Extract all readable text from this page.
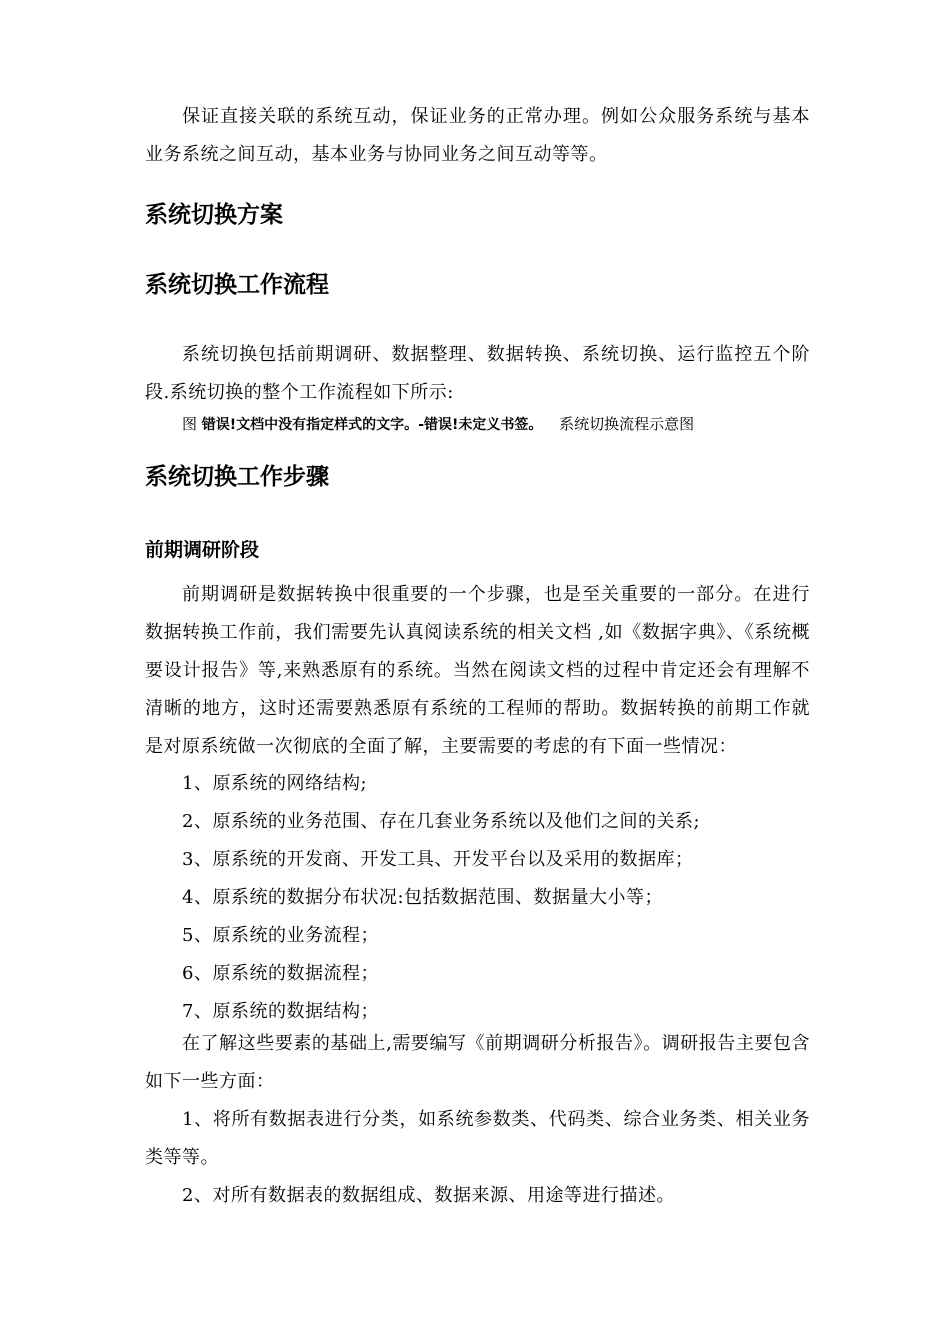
保证直接关联的系统互动，保证业务的正常办理。例如公众服务系统与基本业务系统之间互动，基本业务与协同业务之间互动等等。

系统切换方案
系统切换工作流程

系统切换包括前期调研、数据整理、数据转换、系统切换、运行监控五个阶段.系统切换的整个工作流程如下所示:

图 错误!文档中没有指定样式的文字。-错误!未定义书签。 系统切换流程示意图

系统切换工作步骤
前期调研阶段

前期调研是数据转换中很重要的一个步骤，也是至关重要的一部分。在进行数据转换工作前，我们需要先认真阅读系统的相关文档 ,如《数据字典》、《系统概要设计报告》等,来熟悉原有的系统。当然在阅读文档的过程中肯定还会有理解不清晰的地方，这时还需要熟悉原有系统的工程师的帮助。数据转换的前期工作就是对原系统做一次彻底的全面了解，主要需要的考虑的有下面一些情况：

1、原系统的网络结构;

2、原系统的业务范围、存在几套业务系统以及他们之间的关系;

3、原系统的开发商、开发工具、开发平台以及采用的数据库；

4、原系统的数据分布状况:包括数据范围、数据量大小等；

5、原系统的业务流程；

6、原系统的数据流程；

7、原系统的数据结构；

在了解这些要素的基础上,需要编写《前期调研分析报告》。调研报告主要包含如下一些方面：

1、将所有数据表进行分类，如系统参数类、代码类、综合业务类、相关业务类等等。

2、对所有数据表的数据组成、数据来源、用途等进行描述。
